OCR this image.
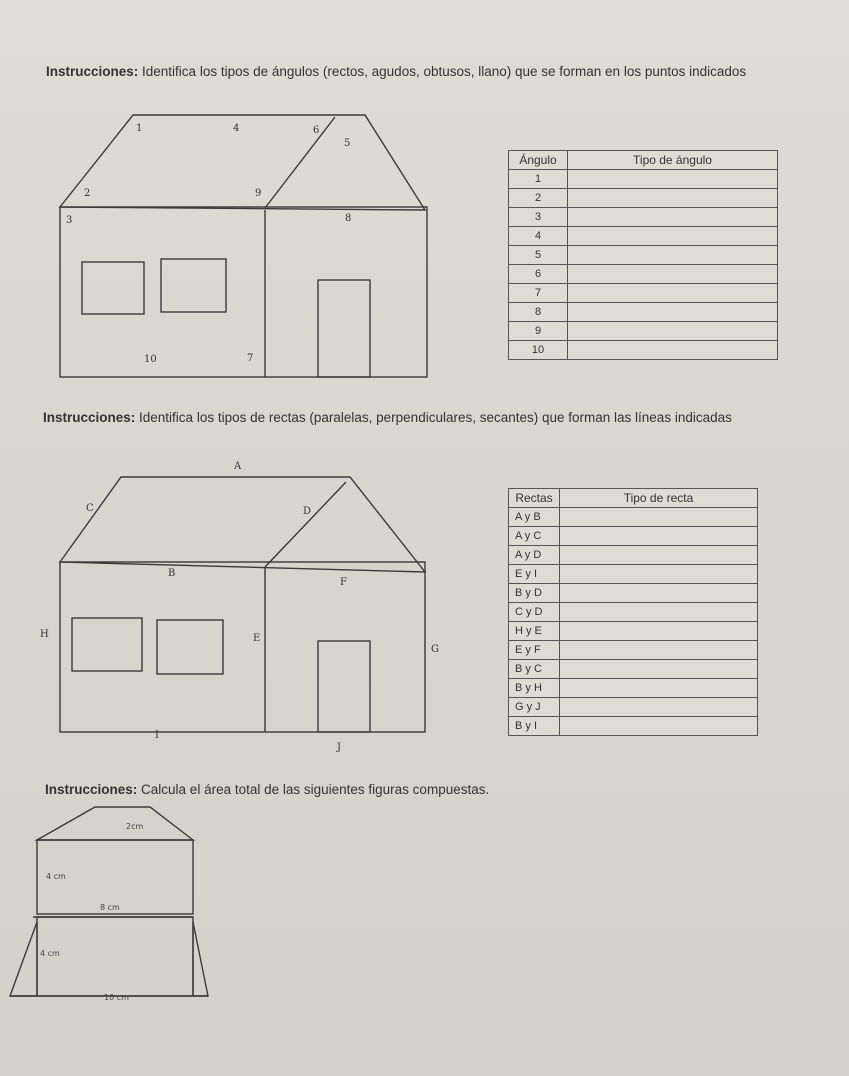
Instrucciones: Identifica los tipos de ángulos (rectos, agudos, obtusos, llano) que se forman en los puntos indicados
1	4	6
5
2	9
3	8
10	7
Ángulo	Tipo de ángulo
1	
2	
3	
4	
5	
6	
7	
8	
9	
10	
Instrucciones: Identifica los tipos de rectas (paralelas, perpendiculares, secantes) que forman las líneas indicadas
A
C	D
B
F
H	E
G
I
J
Rectas	Tipo de recta
A y B	
A y C	
A y D	
E y I	
B y D	
C y D	
H y E	
E y F	
B y C	
B y H	
G y J	
B y I	
Instrucciones: Calcula el área total de las siguientes figuras compuestas.
2cm
4 cm
8 cm
4 cm
10 cm
